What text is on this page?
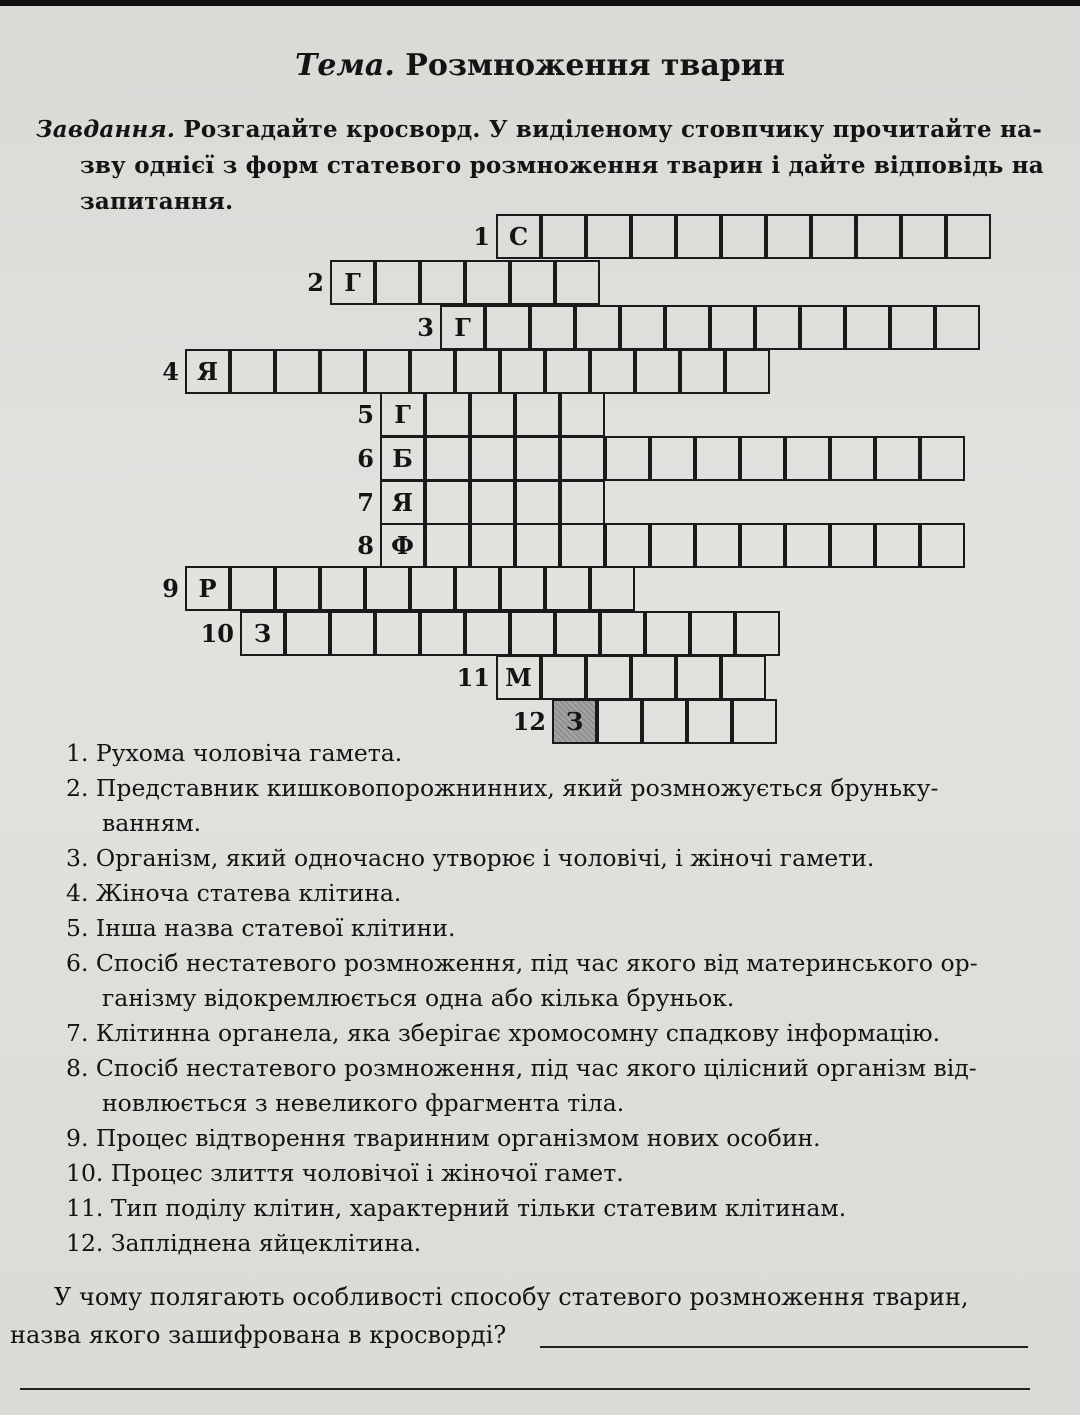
Тема. Розмноження тварин
Завдання. Розгадайте кросворд. У виділеному стовпчику прочитайте на-
зву однієї з форм статевого розмноження тварин і дайте відповідь на
запитання.
1 С
2 Г
3 Г
4 Я
5 Г
6 Б
7 Я
8 Ф
9 Р
10 З
11 М
12 З
1. Рухома чоловіча гамета.
2. Представник кишковопорожнинних, який розмножується бруньку-
ванням.
3. Організм, який одночасно утворює і чоловічі, і жіночі гамети.
4. Жіноча статева клітина.
5. Інша назва статевої клітини.
6. Спосіб нестатевого розмноження, під час якого від материнського ор-
ганізму відокремлюється одна або кілька бруньок.
7. Клітинна органела, яка зберігає хромосомну спадкову інформацію.
8. Спосіб нестатевого розмноження, під час якого цілісний організм від-
новлюється з невеликого фрагмента тіла.
9. Процес відтворення тваринним організмом нових особин.
10. Процес злиття чоловічої і жіночої гамет.
11. Тип поділу клітин, характерний тільки статевим клітинам.
12. Запліднена яйцеклітина.
У чому полягають особливості способу статевого розмноження тварин,
назва якого зашифрована в кросворді?
